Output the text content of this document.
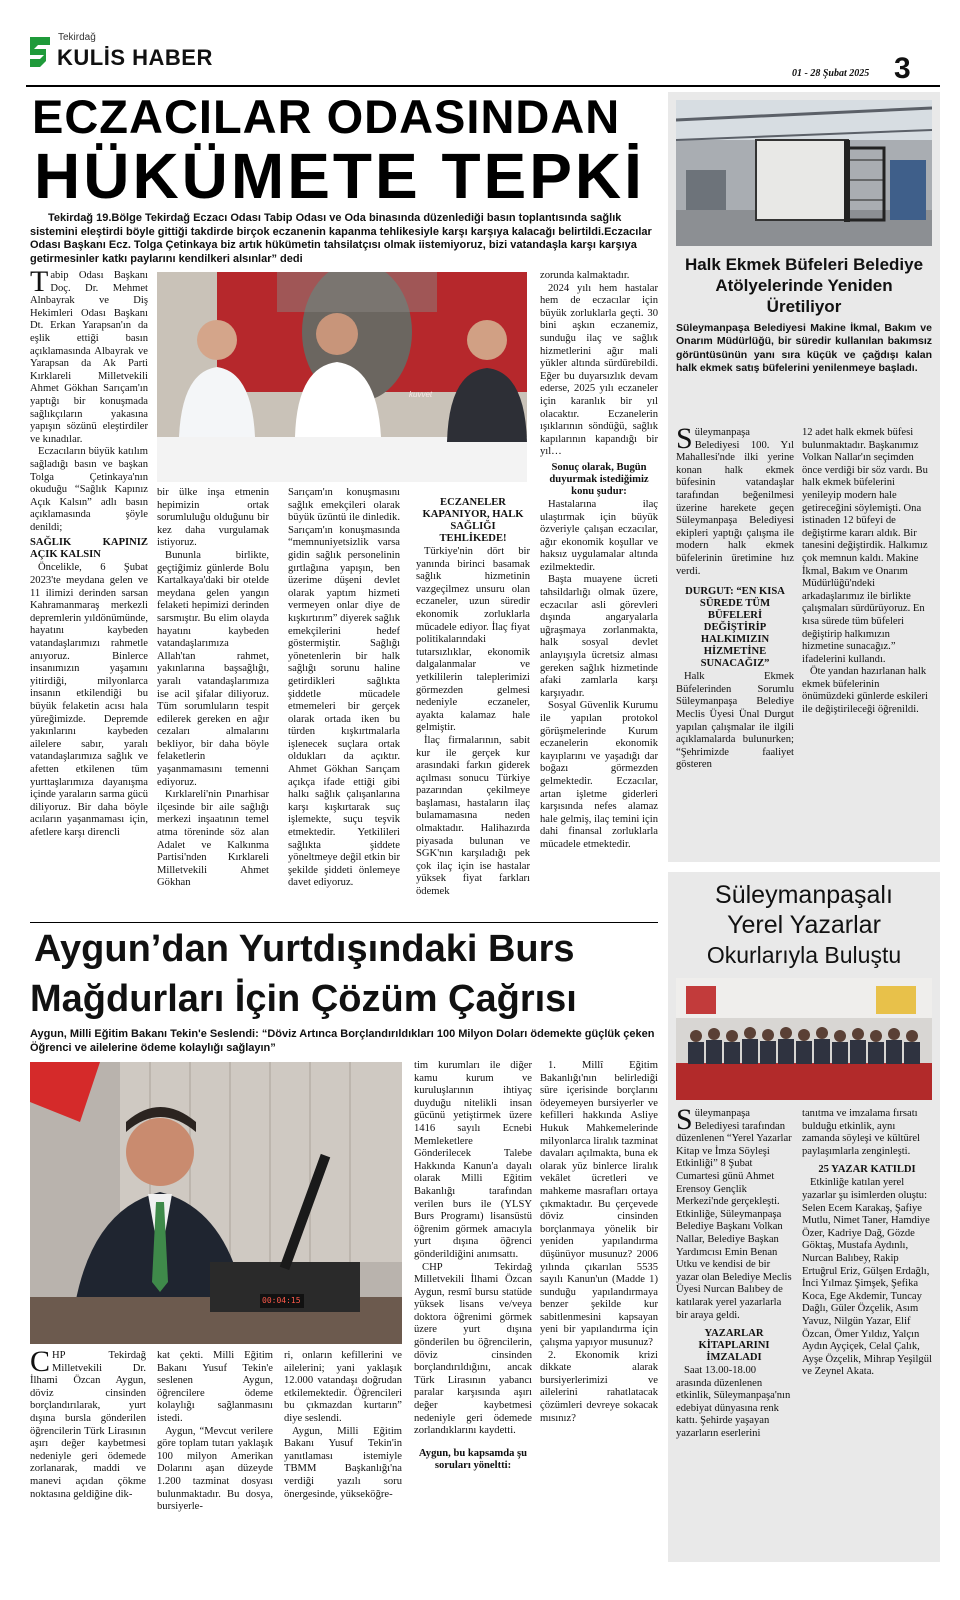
Tekirdağ
KULİS HABER
01 - 28 Şubat 2025 3
ECZACILAR ODASINDAN
HÜKÜMETE TEPKİ
Tekirdağ 19.Bölge Tekirdağ Eczacı Odası Tabip Odası ve Oda binasında düzenlediği basın toplantısında sağlık sistemini eleştirdi böyle gittiği takdirde birçok eczanenin kapanma tehlikesiyle karşı karşıya kalacağı belirtildi.Eczacılar Odası Başkanı Ecz. Tolga Çetinkaya biz artık hükümetin tahsilatçısı olmak iistemiyoruz, bizi vatandaşla karşı karşıya getirmesinler katkı paylarını kendilkeri alsınlar” dedi
kuvvet
T abip Odası Başkanı Doç. Dr. Mehmet Alnbayrak ve Diş Hekimleri Odası Başkanı Dt. Erkan Yarapsan'ın da eşlik ettiği basın açıklamasında Albayrak ve Yarapsan da Ak Parti Kırklareli Milletvekili Ahmet Gökhan Sarıçam'ın yaptığı bir konuşmada sağlıkçıların yakasına yapışın sözünü eleştirdiler ve kınadılar.

Eczacıların büyük katılım sağladığı basın ve başkan Tolga Çetinkaya'nın okuduğu “Sağlık Kapınız Açık Kalsın” adlı basın açıklamasında şöyle denildi;

SAĞLIK KAPINIZ AÇIK KALSIN

Öncelikle, 6 Şubat 2023'te meydana gelen ve 11 ilimizi derinden sarsan Kahramanmaraş merkezli depremlerin yıldönümünde, hayatını kaybeden vatandaşlarımızı rahmetle anıyoruz. Binlerce insanımızın yaşamını yitirdiği, milyonlarca insanın etkilendiği bu büyük felaketin acısı hala yüreğimizde. Depremde yakınlarını kaybeden ailelere sabır, yaralı vatandaşlarımıza sağlık ve afetten etkilenen tüm yurttaşlarımıza dayanışma içinde yaraların sarma gücü diliyoruz. Bir daha böyle acıların yaşanmaması için, afetlere karşı direncli

bir ülke inşa etmenin hepimizin ortak sorumluluğu olduğunu bir kez daha vurgulamak istiyoruz.

Bununla birlikte, geçtiğimiz günlerde Bolu Kartalkaya'daki bir otelde meydana gelen yangın felaketi hepimizi derinden sarsmıştır. Bu elim olayda hayatını kaybeden vatandaşlarımıza Allah'tan rahmet, yakınlarına başsağlığı, yaralı vatandaşlarımıza ise acil şifalar diliyoruz. Tüm sorumluların tespit edilerek gereken en ağır cezaları almalarını bekliyor, bir daha böyle felaketlerin yaşanmamasını temenni ediyoruz.

Kırklareli'nin Pınarhisar ilçesinde bir aile sağlığı merkezi inşaatının temel atma töreninde söz alan Adalet ve Kalkınma Partisi'nden Kırklareli Milletvekili Ahmet Gökhan

Sarıçam'ın konuşmasını sağlık emekçileri olarak büyük üzüntü ile dinledik. Sarıçam'ın konuşmasında “memnuniyetsizlik varsa gidin sağlık personelinin gırtlağına yapışın, ben üzerime düşeni devlet olarak yaptım hizmeti vermeyen onlar diye de kışkırtırım” diyerek sağlık emekçilerini hedef göstermiştir. Sağlığı yönetenlerin bir halk sağlığı sorunu haline getirdikleri sağlıkta şiddetle mücadele etmemeleri bir gerçek olarak ortada iken bu türden kışkırtmalarla işlenecek suçlara ortak oldukları da açıktır. Ahmet Gökhan Sarıçam açıkça ifade ettiği gibi halkı sağlık çalışanlarına karşı kışkırtarak suç işlemekte, suçu teşvik etmektedir. Yetkilileri sağlıkta şiddete yöneltmeye değil etkin bir şekilde şiddeti önlemeye davet ediyoruz.
ECZANELER KAPANIYOR, HALK SAĞLIĞI TEHLİKEDE!

Türkiye'nin dört bir yanında birinci basamak sağlık hizmetinin vazgeçilmez unsuru olan eczaneler, uzun süredir ekonomik zorluklarla mücadele ediyor. İlaç fiyat politikalarındaki tutarsızlıklar, ekonomik dalgalanmalar ve yetkililerin taleplerimizi görmezden gelmesi nedeniyle eczaneler, ayakta kalamaz hale gelmiştir.

İlaç firmalarının, sabit kur ile gerçek kur arasındaki farkın giderek açılması sonucu Türkiye pazarından çekilmeye başlaması, hastaların ilaç bulamamasına neden olmaktadır. Halihazırda piyasada bulunan ve SGK'nın karşıladığı pek çok ilaç için ise hastalar yüksek fiyat farkları ödemek

zorunda kalmaktadır.

2024 yılı hem hastalar hem de eczacılar için büyük zorluklarla geçti. 30 bini aşkın eczanemiz, sunduğu ilaç ve sağlık hizmetlerini ağır mali yükler altında sürdürebildi. Eğer bu duyarsızlık devam ederse, 2025 yılı eczaneler için karanlık bir yıl olacaktır. Eczanelerin ışıklarının söndüğü, sağlık kapılarının kapandığı bir yıl…

Sonuç olarak, Bugün duyurmak istediğimiz konu şudur:

Hastalarına ilaç ulaştırmak için büyük özveriyle çalışan eczacılar, ağır ekonomik koşullar ve haksız uygulamalar altında ezilmektedir.

Başta muayene ücreti tahsildarlığı olmak üzere, eczacılar asli görevleri dışında angaryalarla uğraşmaya zorlanmakta, halk sosyal devlet anlayışıyla ücretsiz alması gereken sağlık hizmetinde afaki zamlarla karşı karşıyadır.

Sosyal Güvenlik Kurumu ile yapılan protokol görüşmelerinde Kurum eczanelerin ekonomik kayıplarını ve yaşadığı dar boğazı görmezden gelmektedir. Eczacılar, artan işletme giderleri karşısında nefes alamaz hale gelmiş, ilaç temini için dahi finansal zorluklarla mücadele etmektedir.

Halk Ekmek Büfeleri Belediye Atölyelerinde Yeniden Üretiliyor
Süleymanpaşa Belediyesi Makine İkmal, Bakım ve Onarım Müdürlüğü, bir süredir kullanılan bakımsız görüntüsünün yanı sıra küçük ve çağdışı kalan halk ekmek satış büfelerini yenilenmeye başladı.
S üleymanpaşa Belediyesi 100. Yıl Mahallesi'nde ilki yerine konan halk ekmek büfesinin vatandaşlar tarafından beğenilmesi üzerine harekete geçen Süleymanpaşa Belediyesi ekipleri yaptığı çalışma ile modern halk ekmek büfelerinin üretimine hız verdi.
DURGUT: “EN KISA SÜREDE TÜM BÜFELERİ DEĞİŞTİRİP HALKIMIZIN HİZMETİNE SUNACAĞIZ”

Halk Ekmek Büfelerinden Sorumlu Süleymanpaşa Belediye Meclis Üyesi Ünal Durgut yapılan çalışmalar ile ilgili açıklamalarda bulunurken; “Şehrimizde faaliyet gösteren

12 adet halk ekmek büfesi bulunmaktadır. Başkanımız Volkan Nallar'ın seçimden önce verdiği bir söz vardı. Bu halk ekmek büfelerini yenileyip modern hale getireceğini söylemişti. Ona istinaden 12 büfeyi de değiştirme kararı aldık. Bir tanesini değiştirdik. Halkımız çok memnun kaldı. Makine İkmal, Bakım ve Onarım Müdürlüğü'ndeki arkadaşlarımız ile birlikte çalışmaları sürdürüyoruz. En kısa sürede tüm büfeleri değiştirip halkımızın hizmetine sunacağız.” ifadelerini kullandı.

Öte yandan hazırlanan halk ekmek büfelerinin önümüzdeki günlerde eskileri ile değiştirileceği öğrenildi.

Aygun’dan Yurtdışındaki Burs
Mağdurları İçin Çözüm Çağrısı
Aygun, Milli Eğitim Bakanı Tekin'e Seslendi: “Döviz Artınca Borçlandırıldıkları 100 Milyon Doları ödemekte güçlük çeken Öğrenci ve ailelerine ödeme kolaylığı sağlayın”
00:04:15
C HP Tekirdağ Milletvekili Dr. İlhami Özcan Aygun, döviz cinsinden borçlandırılarak, yurt dışına bursla gönderilen öğrencilerin Türk Lirasının aşırı değer kaybetmesi nedeniyle geri ödemede zorlanarak, maddi ve manevi açıdan çökme noktasına geldiğine dik-
kat çekti. Milli Eğitim Bakanı Yusuf Tekin'e seslenen Aygun, öğrencilere ödeme kolaylığı sağlanmasını istedi.

Aygun, “Mevcut verilere göre toplam tutarı yaklaşık 100 milyon Amerikan Dolarını aşan düzeyde 1.200 tazminat dosyası bulunmaktadır. Bu dosya, bursiyerle-

ri, onların kefillerini ve ailelerini; yani yaklaşık 12.000 vatandaşı doğrudan etkilemektedir. Öğrencileri bu çıkmazdan kurtarın” diye seslendi.

Aygun, Milli Eğitim Bakanı Yusuf Tekin'in yanıtlaması istemiyle TBMM Başkanlığı'na verdiği yazılı soru önergesinde, yükseköğre-

tim kurumları ile diğer kamu kurum ve kuruluşlarının ihtiyaç duyduğu nitelikli insan gücünü yetiştirmek üzere 1416 sayılı Ecnebi Memleketlere Gönderilecek Talebe Hakkında Kanun'a dayalı olarak Milli Eğitim Bakanlığı tarafından verilen burs ile (YLSY Burs Programı) lisansüstü öğrenim görmek amacıyla yurt dışına öğrenci gönderildiğini anımsattı.

CHP Tekirdağ Milletvekili İlhami Özcan Aygun, resmî bursu statüde yüksek lisans ve/veya doktora öğrenimi görmek üzere yurt dışına gönderilen bu öğrencilerin, döviz cinsinden borçlandırıldığını, ancak Türk Lirasının yabancı paralar karşısında aşırı değer kaybetmesi nedeniyle geri ödemede zorlandıklarını kaydetti.

Aygun, bu kapsamda şu soruları yöneltti:

1. Millî Eğitim Bakanlığı'nın belirlediği süre içerisinde borçlarını ödeyemeyen bursiyerler ve kefilleri hakkında Asliye Hukuk Mahkemelerinde milyonlarca liralık tazminat davaları açılmakta, buna ek olarak yüz binlerce liralık vekâlet ücretleri ve mahkeme masrafları ortaya çıkmaktadır. Bu çerçevede döviz cinsinden borçlanmaya yönelik bir yeniden yapılandırma düşünüyor musunuz? 2006 yılında çıkarılan 5535 sayılı Kanun'un (Madde 1) sunduğu yapılandırmaya benzer şekilde kur sabitlenmesini kapsayan yeni bir yapılandırma için çalışma yapıyor musunuz?

2. Ekonomik krizi dikkate alarak bursiyerlerimizi ve ailelerini rahatlatacak çözümleri devreye sokacak mısınız?

Süleymanpaşalı
Yerel Yazarlar
Okurlarıyla Buluştu
S üleymanpaşa Belediyesi tarafından düzenlenen “Yerel Yazarlar Kitap ve İmza Söyleşi Etkinliği” 8 Şubat Cumartesi günü Ahmet Erensoy Gençlik Merkezi'nde gerçekleşti. Etkinliğe, Süleymanpaşa Belediye Başkanı Volkan Nallar, Belediye Başkan Yardımcısı Emin Benan Utku ve kendisi de bir yazar olan Belediye Meclis Üyesi Nurcan Balıbey de katılarak yerel yazarlarla bir araya geldi.
YAZARLAR KİTAPLARINI İMZALADI

Saat 13.00-18.00 arasında düzenlenen etkinlik, Süleymanpaşa'nın edebiyat dünyasına renk kattı. Şehirde yaşayan yazarların eserlerini

tanıtma ve imzalama fırsatı bulduğu etkinlik, aynı zamanda söyleşi ve kültürel paylaşımlarla zenginleşti.
25 YAZAR KATILDI

Etkinliğe katılan yerel yazarlar şu isimlerden oluştu: Selen Ecem Karakaş, Şafiye Mutlu, Nimet Taner, Hamdiye Özer, Kadriye Dağ, Gözde Göktaş, Mustafa Aydınlı, Nurcan Balıbey, Rakip Ertuğrul Eriz, Gülşen Erdağlı, İnci Yılmaz Şimşek, Şefika Koca, Ege Akdemir, Tuncay Dağlı, Güler Özçelik, Asım Yavuz, Nilgün Yazar, Elif Özcan, Ömer Yıldız, Yalçın Aydın Ayçiçek, Celal Çalık, Ayşe Özçelik, Mihrap Yeşilgül ve Zeynel Akata.
